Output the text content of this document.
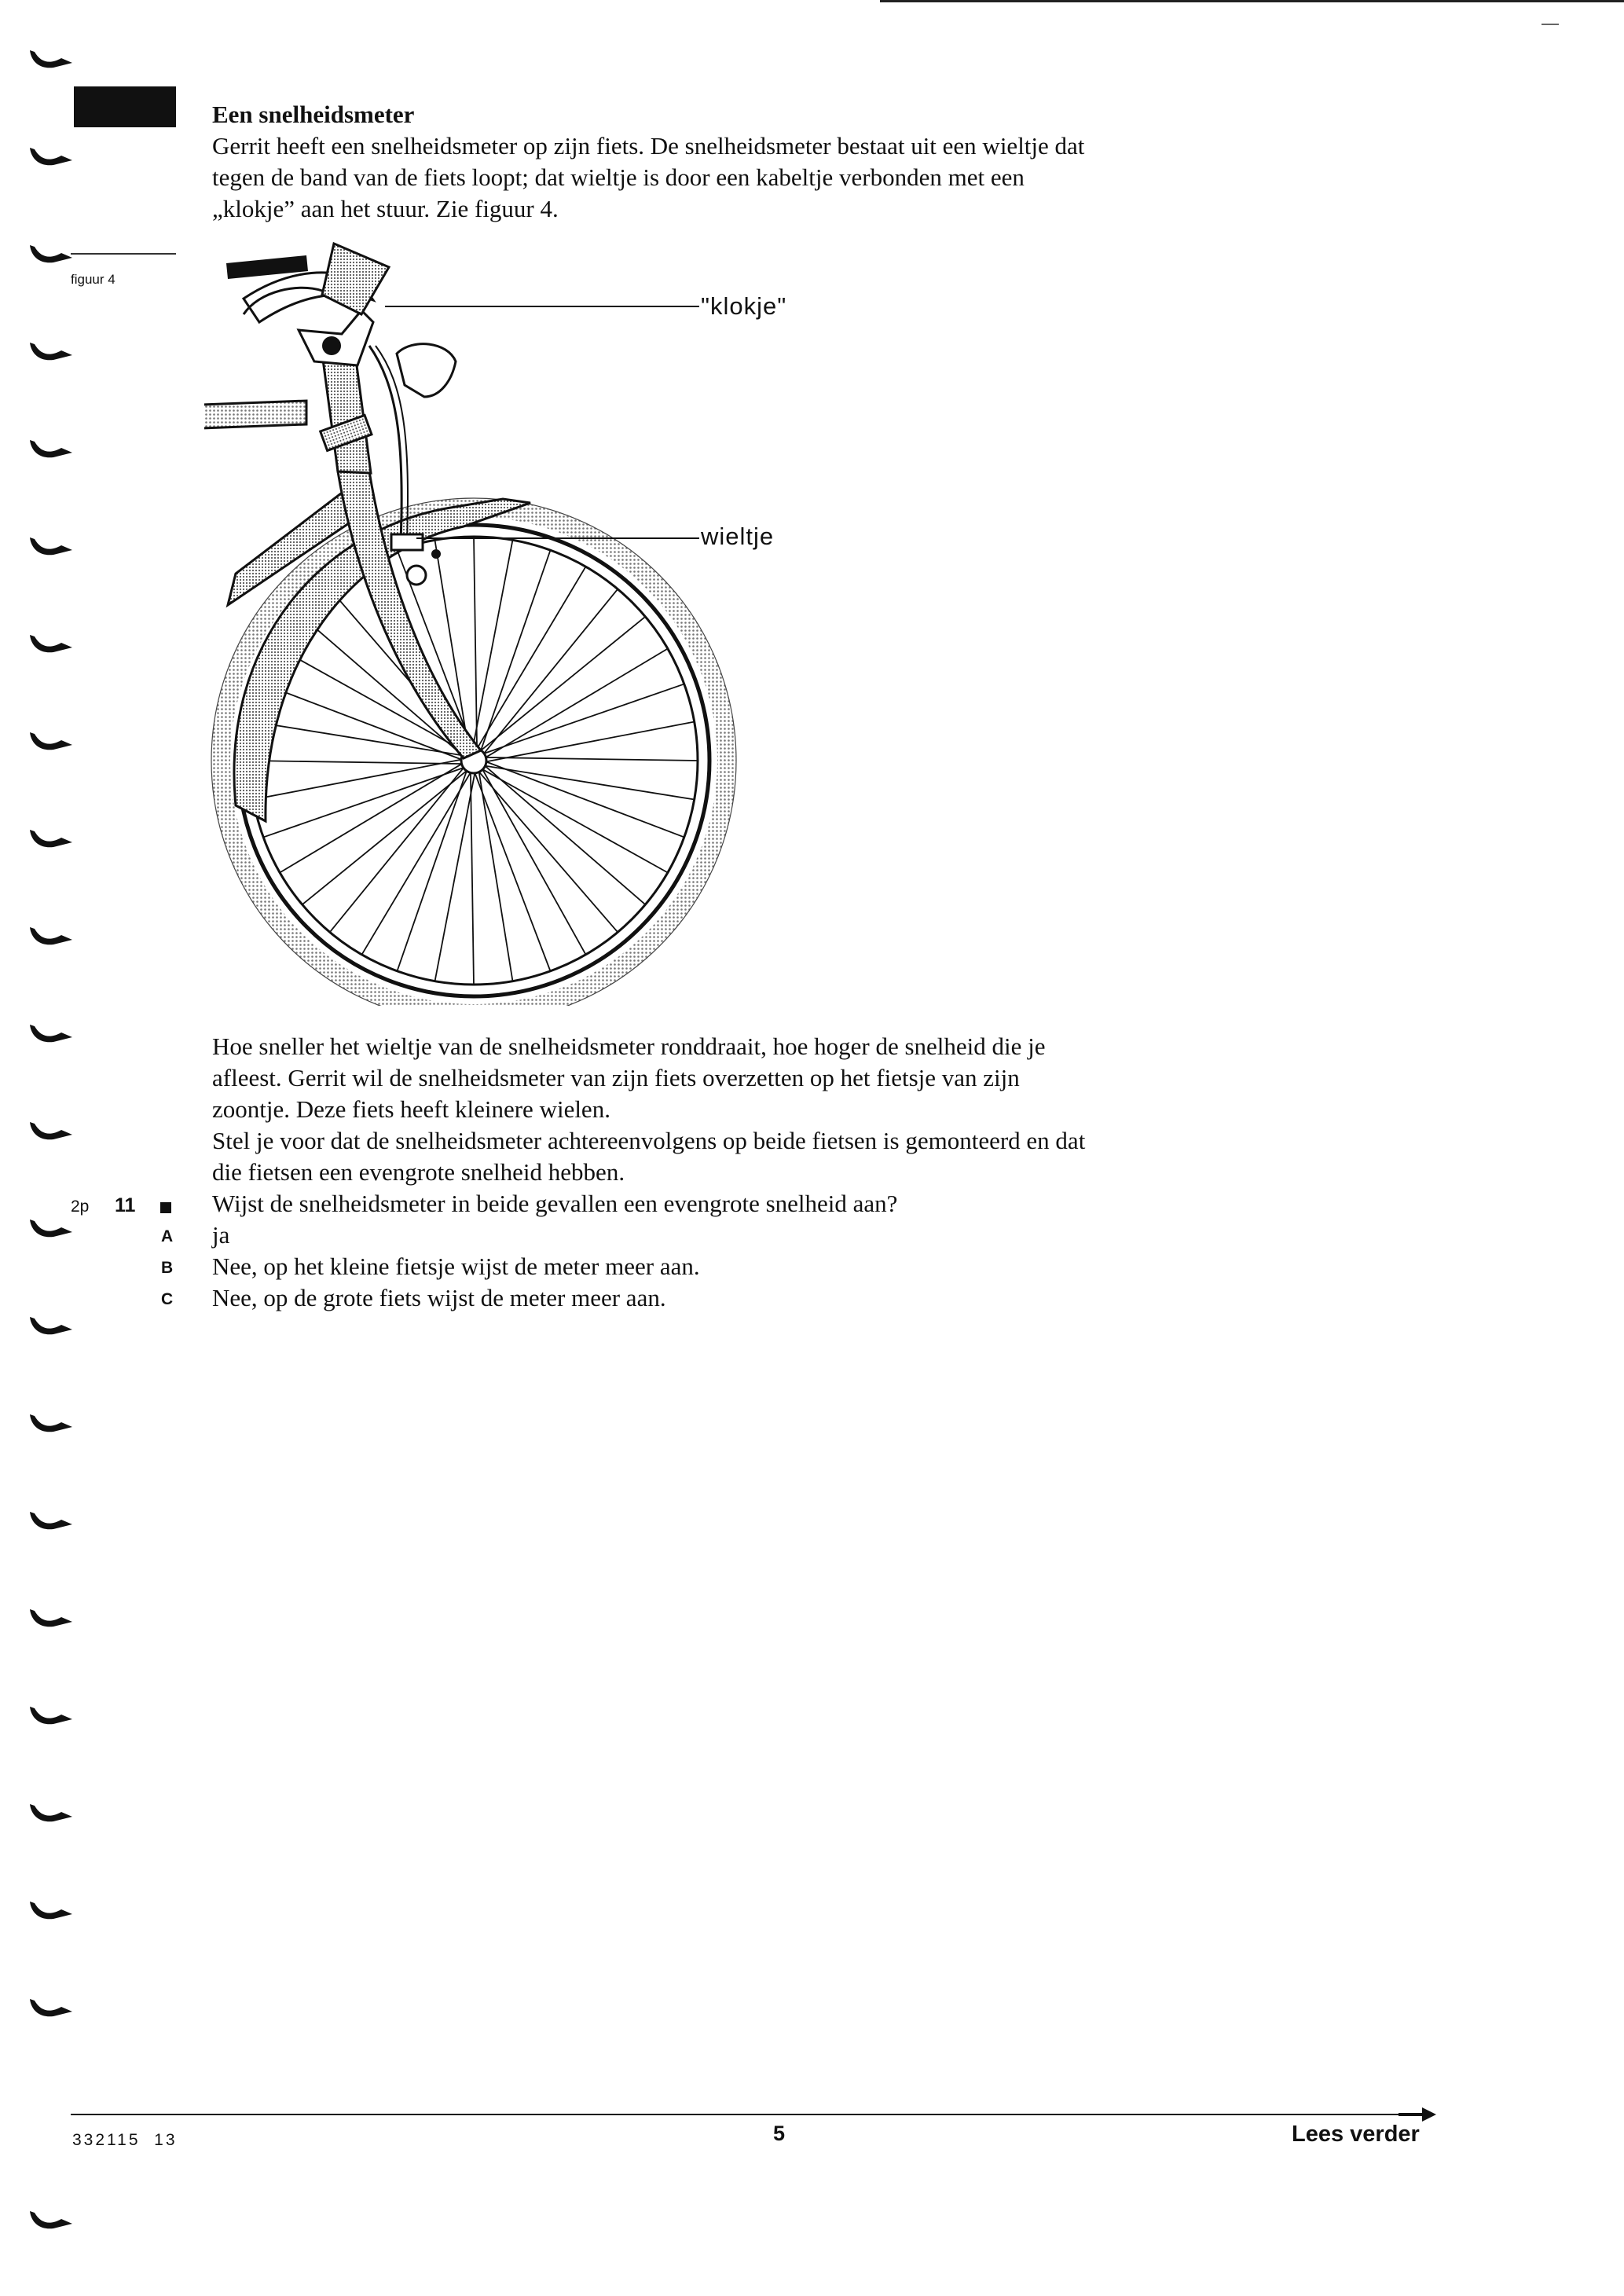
figuur 4
Een snelheidsmeter
Gerrit heeft een snelheidsmeter op zijn fiets. De snelheidsmeter bestaat uit een wieltje dat
tegen de band van de fiets loopt; dat wieltje is door een kabeltje verbonden met een
„klokje” aan het stuur. Zie figuur 4.
"klokje"
wieltje
Hoe sneller het wieltje van de snelheidsmeter ronddraait, hoe hoger de snelheid die je
afleest. Gerrit wil de snelheidsmeter van zijn fiets overzetten op het fietsje van zijn
zoontje. Deze fiets heeft kleinere wielen.
Stel je voor dat de snelheidsmeter achtereenvolgens op beide fietsen is gemonteerd en dat
die fietsen een evengrote snelheid hebben.
2p 11	Wijst de snelheidsmeter in beide gevallen een evengrote snelheid aan?
A ja
B Nee, op het kleine fietsje wijst de meter meer aan.
C Nee, op de grote fiets wijst de meter meer aan.
332115  13	5	Lees verder
